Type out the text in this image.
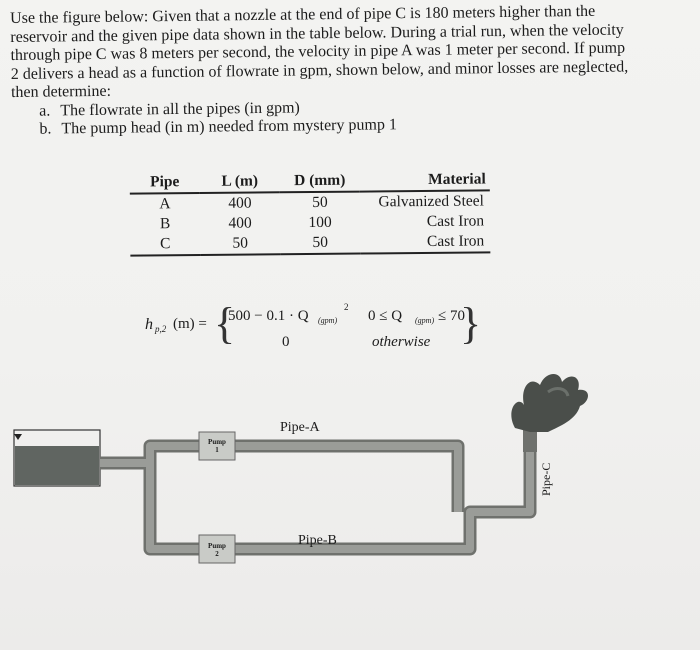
Use the figure below: Given that a nozzle at the end of pipe C is 180 meters higher than the

reservoir and the given pipe data shown in the table below. During a trial run, when the velocity

through pipe C was 8 meters per second, the velocity in pipe A was 1 meter per second. If pump

2 delivers a head as a function of flowrate in gpm, shown below, and minor losses are neglected,

then determine:

a. The flowrate in all the pipes (in gpm)
b. The pump head (in m) needed from mystery pump 1
Pipe	L (m)	D (mm)	Material
A	400	50	Galvanized Steel
B	400	100	Cast Iron
C	50	50	Cast Iron
h p,2 (m) = {
500 − 0.1 · Q (gpm)
2
0 ≤ Q (gpm) ≤ 70
0	otherwise }
Pipe-A
Pipe-B
Pipe-C
Pump
1
Pump
2
